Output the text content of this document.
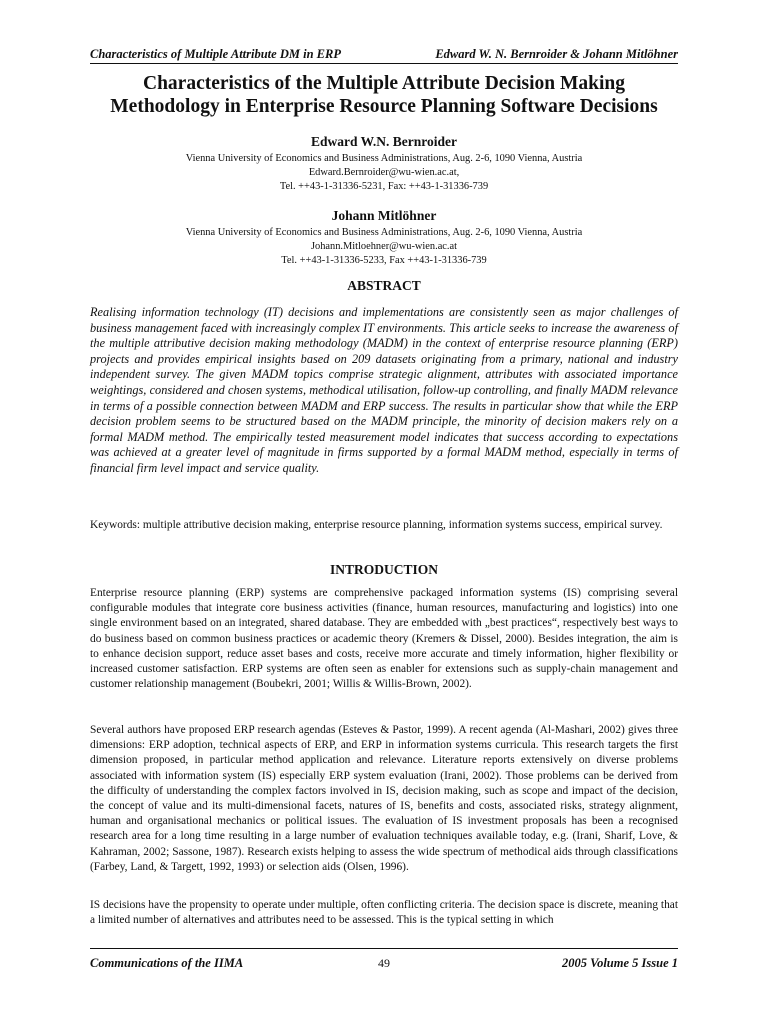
Characteristics of Multiple Attribute DM in ERP	Edward W. N. Bernroider & Johann Mitlöhner
Characteristics of the Multiple Attribute Decision Making
Methodology in Enterprise Resource Planning Software Decisions
Edward W.N. Bernroider
Vienna University of Economics and Business Administrations, Aug. 2-6, 1090 Vienna, Austria
Edward.Bernroider@wu-wien.ac.at,
Tel. ++43-1-31336-5231, Fax: ++43-1-31336-739
Johann Mitlöhner
Vienna University of Economics and Business Administrations, Aug. 2-6, 1090 Vienna, Austria
Johann.Mitloehner@wu-wien.ac.at
Tel. ++43-1-31336-5233, Fax ++43-1-31336-739
ABSTRACT
Realising information technology (IT) decisions and implementations are consistently seen as major challenges of business management faced with increasingly complex IT environments. This article seeks to increase the awareness of the multiple attributive decision making methodology (MADM) in the context of enterprise resource planning (ERP) projects and provides empirical insights based on 209 datasets originating from a primary, national and industry independent survey. The given MADM topics comprise strategic alignment, attributes with associated importance weightings, considered and chosen systems, methodical utilisation, follow-up controlling, and finally MADM relevance in terms of a possible connection between MADM and ERP success. The results in particular show that while the ERP decision problem seems to be structured based on the MADM principle, the minority of decision makers rely on a formal MADM method. The empirically tested measurement model indicates that success according to expectations was achieved at a greater level of magnitude in firms supported by a formal MADM method, especially in terms of financial firm level impact and service quality.
Keywords: multiple attributive decision making, enterprise resource planning, information systems success, empirical survey.
INTRODUCTION
Enterprise resource planning (ERP) systems are comprehensive packaged information systems (IS) comprising several configurable modules that integrate core business activities (finance, human resources, manufacturing and logistics) into one single environment based on an integrated, shared database. They are embedded with „best practices“, respectively best ways to do business based on common business practices or academic theory (Kremers & Dissel, 2000). Besides integration, the aim is to enhance decision support, reduce asset bases and costs, receive more accurate and timely information, higher flexibility or increased customer satisfaction. ERP systems are often seen as enabler for extensions such as supply-chain management and customer relationship management (Boubekri, 2001; Willis & Willis-Brown, 2002).
Several authors have proposed ERP research agendas (Esteves & Pastor, 1999). A recent agenda (Al-Mashari, 2002) gives three dimensions: ERP adoption, technical aspects of ERP, and ERP in information systems curricula. This research targets the first dimension proposed, in particular method application and relevance. Literature reports extensively on diverse problems associated with information system (IS) especially ERP system evaluation (Irani, 2002). Those problems can be derived from the difficulty of understanding the complex factors involved in IS, decision making, such as scope and impact of the decision, the concept of value and its multi-dimensional facets, natures of IS, benefits and costs, associated risks, strategy alignment, human and organisational mechanics or political issues. The evaluation of IS investment proposals has been a recognised research area for a long time resulting in a large number of evaluation techniques available today, e.g. (Irani, Sharif, Love, & Kahraman, 2002; Sassone, 1987). Research exists helping to assess the wide spectrum of methodical aids through classifications (Farbey, Land, & Targett, 1992, 1993) or selection aids (Olsen, 1996).
IS decisions have the propensity to operate under multiple, often conflicting criteria. The decision space is discrete, meaning that a limited number of alternatives and attributes need to be assessed. This is the typical setting in which
Communications of the IIMA	49	2005 Volume 5 Issue 1
